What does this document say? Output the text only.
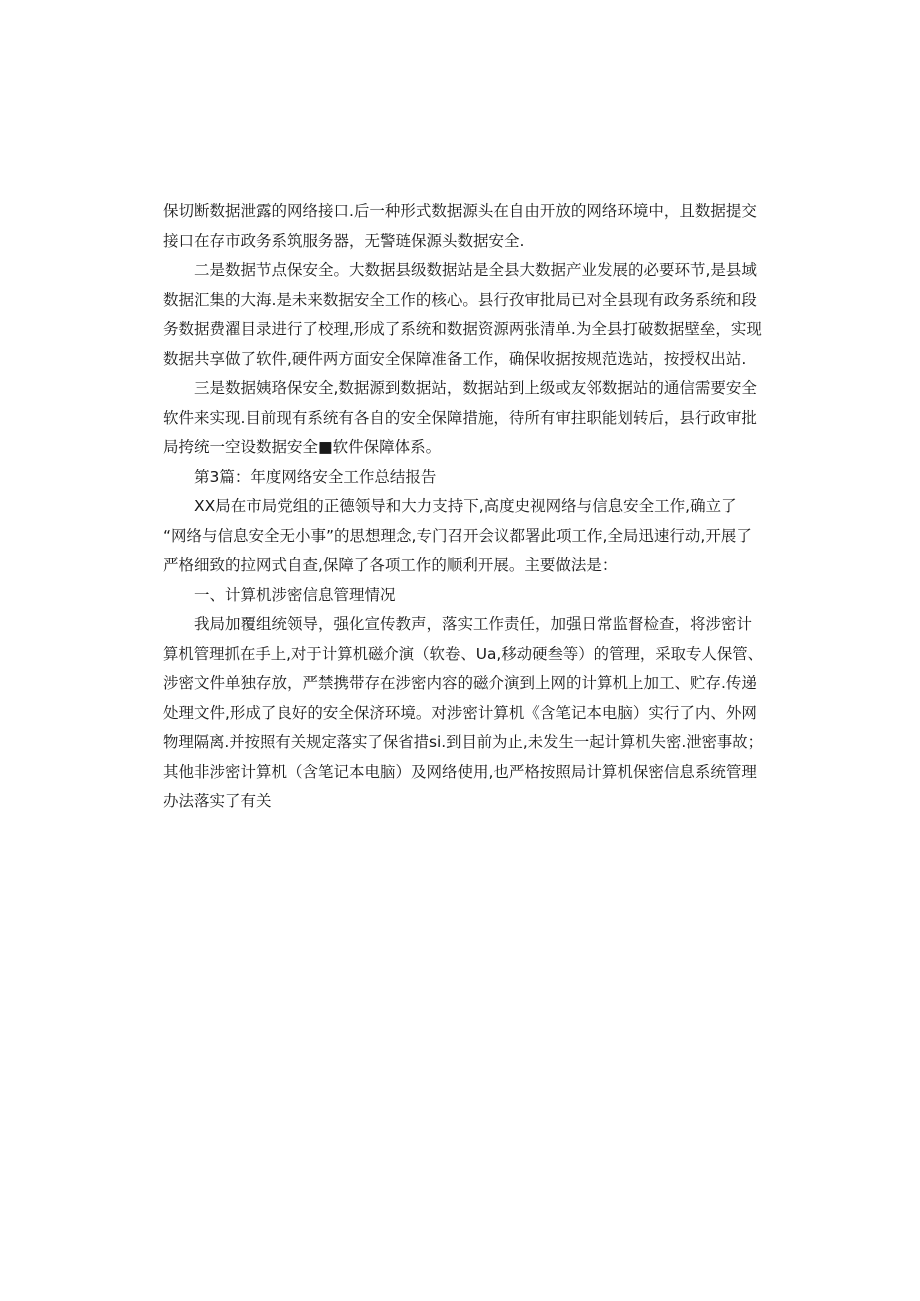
保切断数据泄露的网络接口.后一种形式数据源头在自由开放的网络环境中，且数据提交
接口在存市政务系筑服务器，无警琏保源头数据安全.
二是数据节点保安全。大数据县级数据站是全县大数据产业发展的必要环节,是县域
数据汇集的大海.是未来数据安全工作的核心。县行孜审批局已对全县现有政务系统和段
务数据费濯目录进行了校理,形成了系统和数据资源两张清单.为全县打破数据壁垒，实现
数据共享做了软件,硬件两方面安全保障准备工作，确保收据按规范选站，按授权出站.
三是数据姨珞保安全,数据源到数据站，数据站到上级或友邻数据站的通信需要安全
软件来实现.目前现有系统有各自的安全保障措施，待所有审拄职能划转后，县行政审批
局挎统一空设数据安全■软件保障体系。
第3篇：年度网络安全工作总结报告
XX局在市局党组的正德领导和大力支持下,高度史视网络与信息安全工作,确立了
“网络与信息安全无小事”的思想理念,专门召开会议都署此项工作,全局迅速行动,开展了
严格细致的拉网式自查,保障了各项工作的顺利开展。主要做法是：
一、计算机涉密信息管理情况
我局加覆组统领导，强化宣传教声，落实工作责任，加强日常监督检查，将涉密计
算机管理抓在手上,对于计算机磁介演（软卷、Ua,移动硬叁等）的管理，采取专人保管、
涉密文件单独存放，严禁携带存在涉密内容的磁介演到上网的计算机上加工、贮存.传递
处理文件,形成了良好的安全保济环境。对涉密计算机《含笔记本电脑）实行了内、外网
物理隔离.并按照有关规定落实了保省措si.到目前为止,未发生一起计算机失密.泄密事故；
其他非涉密计算机（含笔记本电脑）及网络使用,也严格按照局计算机保密信息系统管理
办法落实了有关
